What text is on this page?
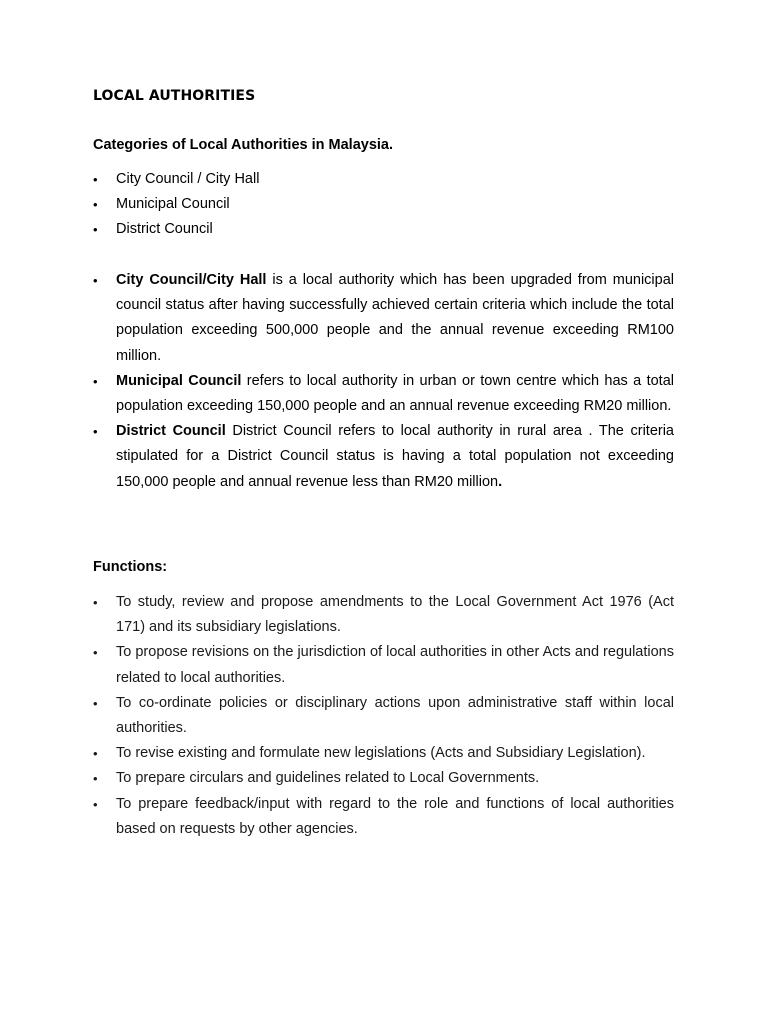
LOCAL AUTHORITIES
Categories of Local Authorities in Malaysia.
•	City Council / City Hall
•	Municipal Council
•	District Council
•	City Council/City Hall is a local authority which has been upgraded from municipal council status after having successfully achieved certain criteria which include the total population exceeding 500,000 people and the annual revenue exceeding RM100 million.
•	Municipal Council refers to local authority in urban or town centre which has a total population exceeding 150,000 people and an annual revenue exceeding RM20 million.
•	District Council District Council refers to local authority in rural area . The criteria stipulated for a District Council status is having a total population not exceeding 150,000 people and annual revenue less than RM20 million.
Functions:
•	To study, review and propose amendments to the Local Government Act 1976 (Act 171) and its subsidiary legislations.
•	To propose revisions on the jurisdiction of local authorities in other Acts and regulations related to local authorities.
•	To co-ordinate policies or disciplinary actions upon administrative staff within local authorities.
•	To revise existing and formulate new legislations (Acts and Subsidiary Legislation).
•	To prepare circulars and guidelines related to Local Governments.
•	To prepare feedback/input with regard to the role and functions of local authorities based on requests by other agencies.
